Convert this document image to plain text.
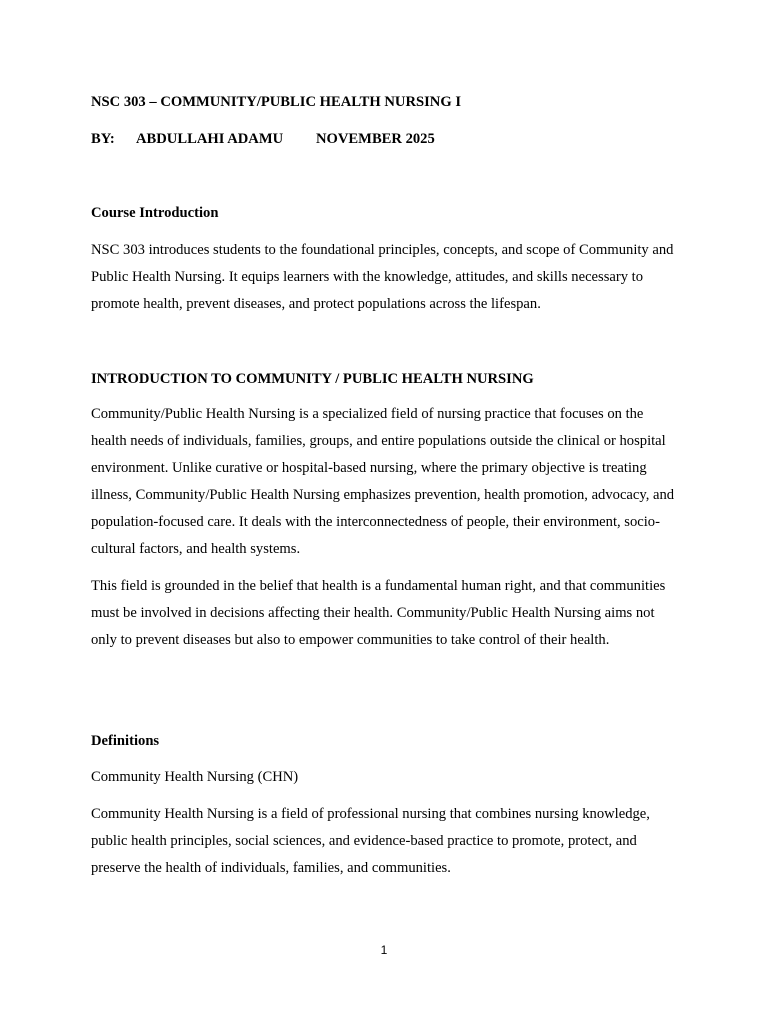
NSC 303 – COMMUNITY/PUBLIC HEALTH NURSING I

BY: ABDULLAHI ADAMU NOVEMBER 2025

Course Introduction

NSC 303 introduces students to the foundational principles, concepts, and scope of Community and Public Health Nursing. It equips learners with the knowledge, attitudes, and skills necessary to promote health, prevent diseases, and protect populations across the lifespan.

INTRODUCTION TO COMMUNITY / PUBLIC HEALTH NURSING

Community/Public Health Nursing is a specialized field of nursing practice that focuses on the health needs of individuals, families, groups, and entire populations outside the clinical or hospital environment. Unlike curative or hospital-based nursing, where the primary objective is treating illness, Community/Public Health Nursing emphasizes prevention, health promotion, advocacy, and population-focused care. It deals with the interconnectedness of people, their environment, socio-cultural factors, and health systems.

This field is grounded in the belief that health is a fundamental human right, and that communities must be involved in decisions affecting their health. Community/Public Health Nursing aims not only to prevent diseases but also to empower communities to take control of their health.

Definitions

Community Health Nursing (CHN)

Community Health Nursing is a field of professional nursing that combines nursing knowledge, public health principles, social sciences, and evidence-based practice to promote, protect, and preserve the health of individuals, families, and communities.

1
